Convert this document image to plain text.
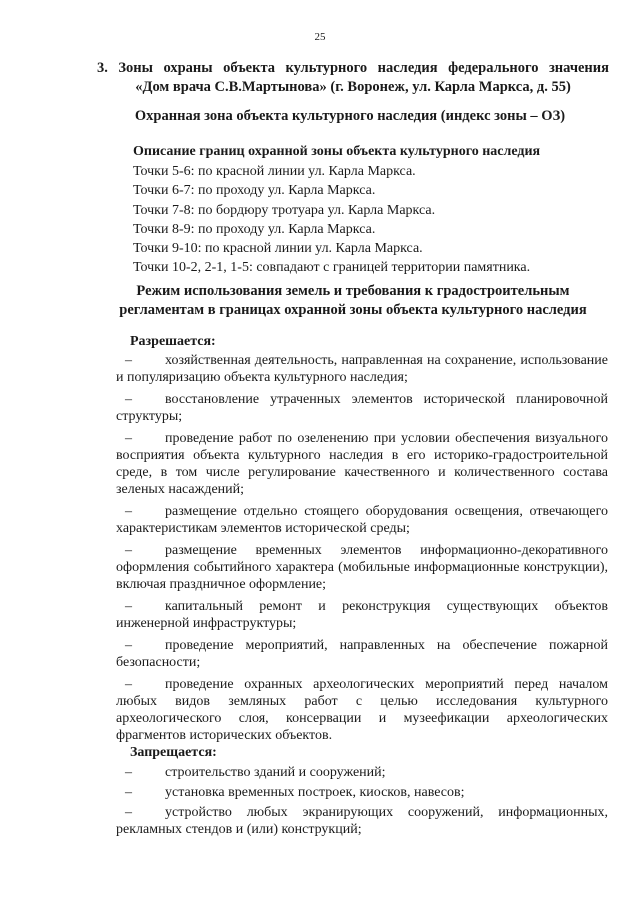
25
3. Зоны охраны объекта культурного наследия федерального значения
«Дом врача С.В.Мартынова» (г. Воронеж, ул. Карла Маркса, д. 55)
Охранная зона объекта культурного наследия (индекс зоны – ОЗ)
Описание границ охранной зоны объекта культурного наследия
Точки 5-6: по красной линии ул. Карла Маркса.
Точки 6-7: по проходу ул. Карла Маркса.
Точки 7-8: по бордюру тротуара ул. Карла Маркса.
Точки 8-9: по проходу ул. Карла Маркса.
Точки 9-10: по красной линии ул. Карла Маркса.
Точки 10-2, 2-1, 1-5: совпадают с границей территории памятника.
Режим использования земель и требования к градостроительным
регламентам в границах охранной зоны объекта культурного наследия
Разрешается:
– хозяйственная деятельность, направленная на сохранение, использование и популяризацию объекта культурного наследия;
– восстановление утраченных элементов исторической планировочной структуры;
– проведение работ по озеленению при условии обеспечения визуального восприятия объекта культурного наследия в его историко-градостроительной среде, в том числе регулирование качественного и количественного состава зеленых насаждений;
– размещение отдельно стоящего оборудования освещения, отвечающего характеристикам элементов исторической среды;
– размещение временных элементов информационно-декоративного оформления событийного характера (мобильные информационные конструкции), включая праздничное оформление;
– капитальный ремонт и реконструкция существующих объектов инженерной инфраструктуры;
– проведение мероприятий, направленных на обеспечение пожарной безопасности;
– проведение охранных археологических мероприятий перед началом любых видов земляных работ с целью исследования культурного археологического слоя, консервации и музеефикации археологических фрагментов исторических объектов.
Запрещается:
– строительство зданий и сооружений;
– установка временных построек, киосков, навесов;
– устройство любых экранирующих сооружений, информационных, рекламных стендов и (или) конструкций;
